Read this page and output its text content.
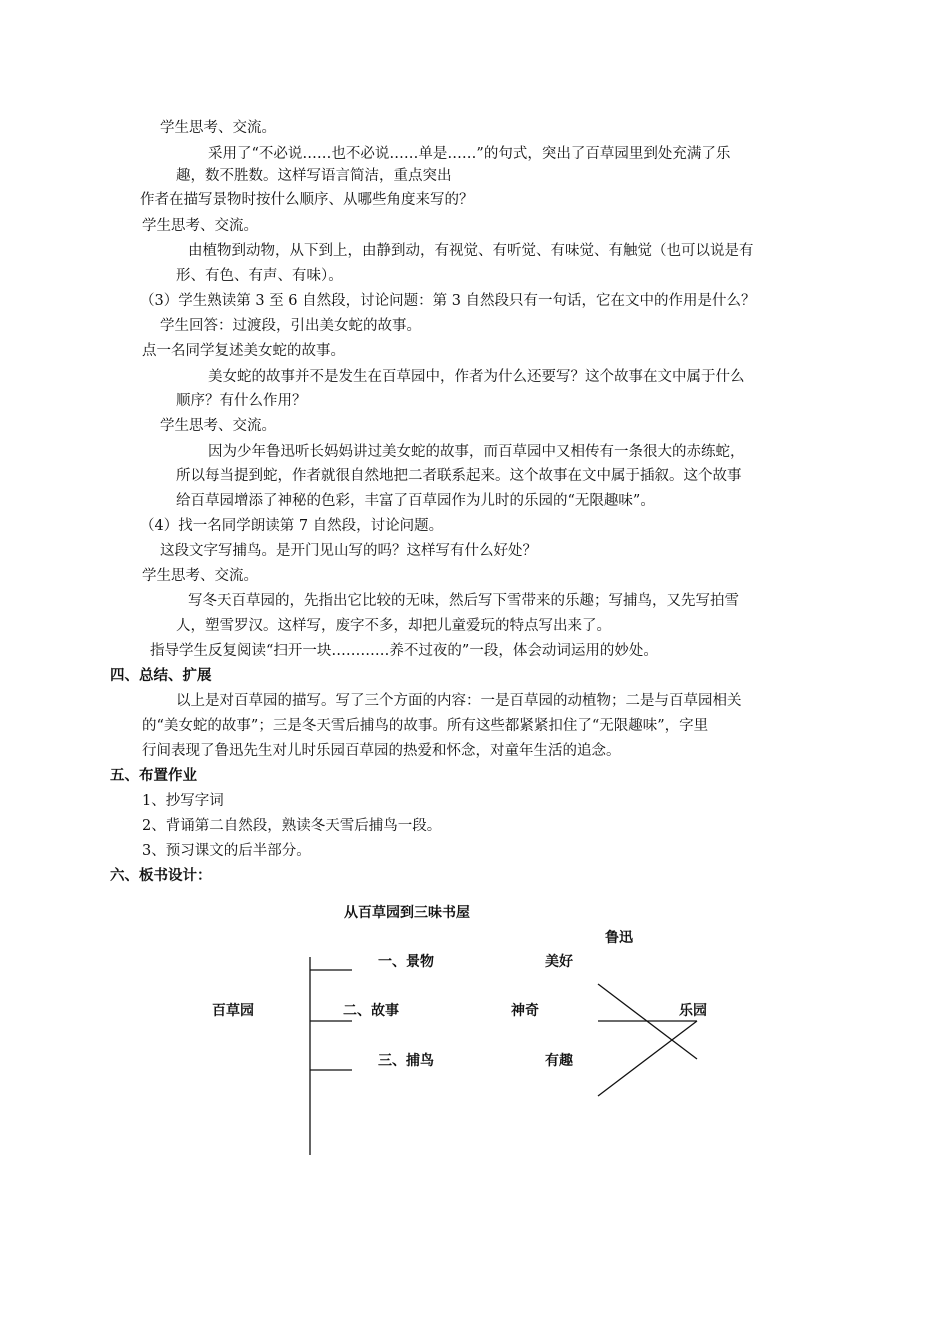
学生思考、交流。
采用了“不必说……也不必说……单是……”的句式，突出了百草园里到处充满了乐
趣，数不胜数。这样写语言简洁，重点突出
作者在描写景物时按什么顺序、从哪些角度来写的？
学生思考、交流。
由植物到动物，从下到上，由静到动，有视觉、有听觉、有味觉、有触觉（也可以说是有
形、有色、有声、有味）。
（3）学生熟读第 3 至 6 自然段，讨论问题：第 3 自然段只有一句话，它在文中的作用是什么？
学生回答：过渡段，引出美女蛇的故事。
点一名同学复述美女蛇的故事。
美女蛇的故事并不是发生在百草园中，作者为什么还要写？这个故事在文中属于什么
顺序？有什么作用？
学生思考、交流。
因为少年鲁迅听长妈妈讲过美女蛇的故事，而百草园中又相传有一条很大的赤练蛇，
所以每当提到蛇，作者就很自然地把二者联系起来。这个故事在文中属于插叙。这个故事
给百草园增添了神秘的色彩，丰富了百草园作为儿时的乐园的“无限趣味”。
（4）找一名同学朗读第 7 自然段，讨论问题。
这段文字写捕鸟。是开门见山写的吗？这样写有什么好处？
学生思考、交流。
写冬天百草园的，先指出它比较的无味，然后写下雪带来的乐趣；写捕鸟，又先写拍雪
人，塑雪罗汉。这样写，废字不多，却把儿童爱玩的特点写出来了。
指导学生反复阅读“扫开一块…………养不过夜的”一段，体会动词运用的妙处。
四、总结、扩展
以上是对百草园的描写。写了三个方面的内容：一是百草园的动植物；二是与百草园相关
的“美女蛇的故事”；三是冬天雪后捕鸟的故事。所有这些都紧紧扣住了“无限趣味”，字里
行间表现了鲁迅先生对儿时乐园百草园的热爱和怀念，对童年生活的追念。
五、布置作业
1、抄写字词
2、背诵第二自然段，熟读冬天雪后捕鸟一段。
3、预习课文的后半部分。
六、板书设计：
从百草园到三味书屋
鲁迅
百草园
一、景物
二、故事
三、捕鸟
美好
神奇
有趣
乐园
